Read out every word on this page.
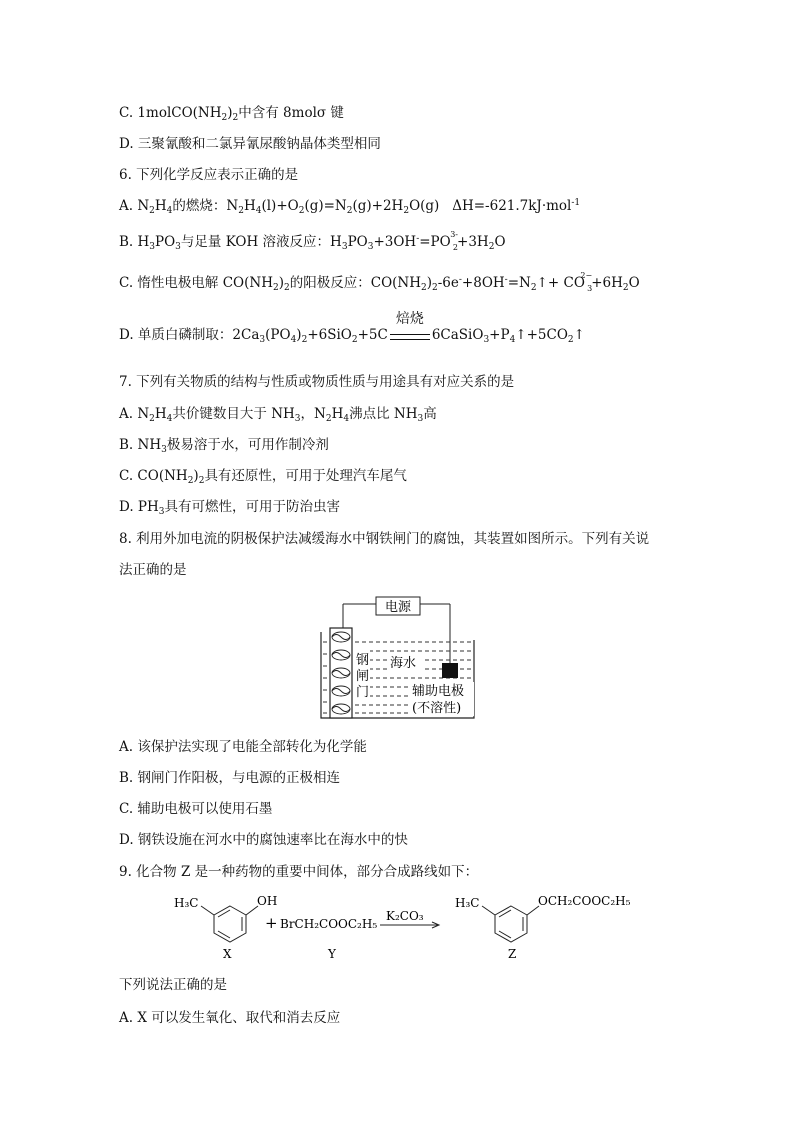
C. $1molCO(NH_2)_2$中含有 8molσ 键
D. 三聚氰酸和二氯异氰尿酸钠晶体类型相同
6. 下列化学反应表示正确的是
A. $N_2H_4$的燃烧：$N_2H_4(l)+O_2(g)=N_2(g)+2H_2O(g)$ ΔH=-621.7kJ·mol$^{-1}$
B. $H_3PO_3$与足量 KOH 溶液反应：$H_3PO_3+3OH^-=PO$ 3-
$2 +3H_2O$
C. 惰性电极电解 $CO(NH_2)_2$的阳极反应：$CO(NH_2)_2-6e^-+8OH^-=N_2↑+$ CO
2−
$3 +6H_2O$
D. 单质白磷制取：$2Ca_3(PO_4)_2+6SiO_2+5C$
焙烧
$6CaSiO_3+P_4↑+5CO_2↑$
7. 下列有关物质的结构与性质或物质性质与用途具有对应关系的是
A. $N_2H_4$共价键数目大于 $NH_3$，$N_2H_4$沸点比 $NH_3$高
B. $NH_3$极易溶于水，可用作制冷剂
C. $CO(NH_2)_2$具有还原性，可用于处理汽车尾气
D. $PH_3$具有可燃性，可用于防治虫害
8. 利用外加电流的阴极保护法减缓海水中钢铁闸门的腐蚀，其装置如图所示。下列有关说
法正确的是
电源
钢
闸
门
海水
辅助电极
(不溶性)
A. 该保护法实现了电能全部转化为化学能
B. 钢闸门作阳极，与电源的正极相连
C. 辅助电极可以使用石墨
D. 钢铁设施在河水中的腐蚀速率比在海水中的快
9. 化合物 Z 是一种药物的重要中间体，部分合成路线如下：
H₃C	OH
X
+ BrCH₂COOC₂H₅
Y
K₂CO₃
H₃C	OCH₂COOC₂H₅
Z
下列说法正确的是
A. X 可以发生氧化、取代和消去反应
